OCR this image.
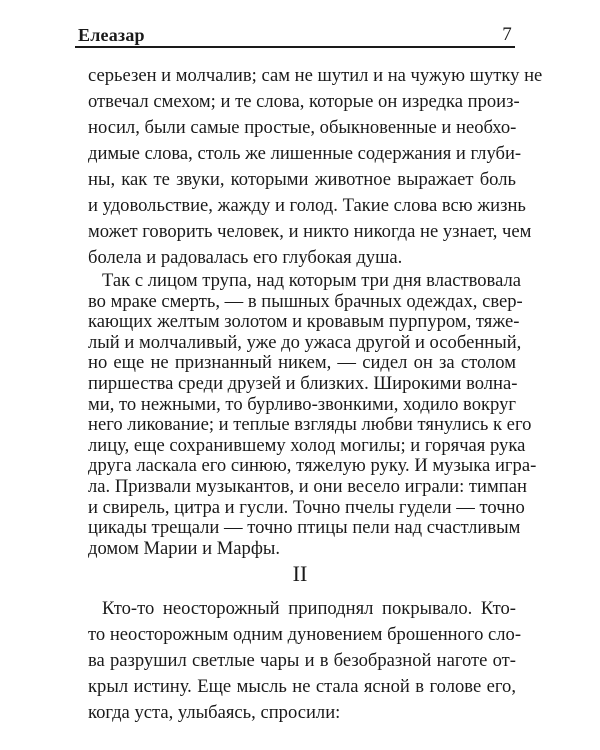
Елеазар	7
серьезен и молчалив; сам не шутил и на чужую шутку не
отвечал смехом; и те слова, которые он изредка произ-
носил, были самые простые, обыкновенные и необхо-
димые слова, столь же лишенные содержания и глуби-
ны, как те звуки, которыми животное выражает боль
и удовольствие, жажду и голод. Такие слова всю жизнь
может говорить человек, и никто никогда не узнает, чем
болела и радовалась его глубокая душа.
Так с лицом трупа, над которым три дня властвовала
во мраке смерть, — в пышных брачных одеждах, свер-
кающих желтым золотом и кровавым пурпуром, тяже-
лый и молчаливый, уже до ужаса другой и особенный,
но еще не признанный никем, — сидел он за столом
пиршества среди друзей и близких. Широкими волна-
ми, то нежными, то бурливо-звонкими, ходило вокруг
него ликование; и теплые взгляды любви тянулись к его
лицу, еще сохранившему холод могилы; и горячая рука
друга ласкала его синюю, тяжелую руку. И музыка игра-
ла. Призвали музыкантов, и они весело играли: тимпан
и свирель, цитра и гусли. Точно пчелы гудели — точно
цикады трещали — точно птицы пели над счастливым
домом Марии и Марфы.
II
Кто-то неосторожный приподнял покрывало. Кто-
то неосторожным одним дуновением брошенного сло-
ва разрушил светлые чары и в безобразной наготе от-
крыл истину. Еще мысль не стала ясной в голове его,
когда уста, улыбаясь, спросили:
